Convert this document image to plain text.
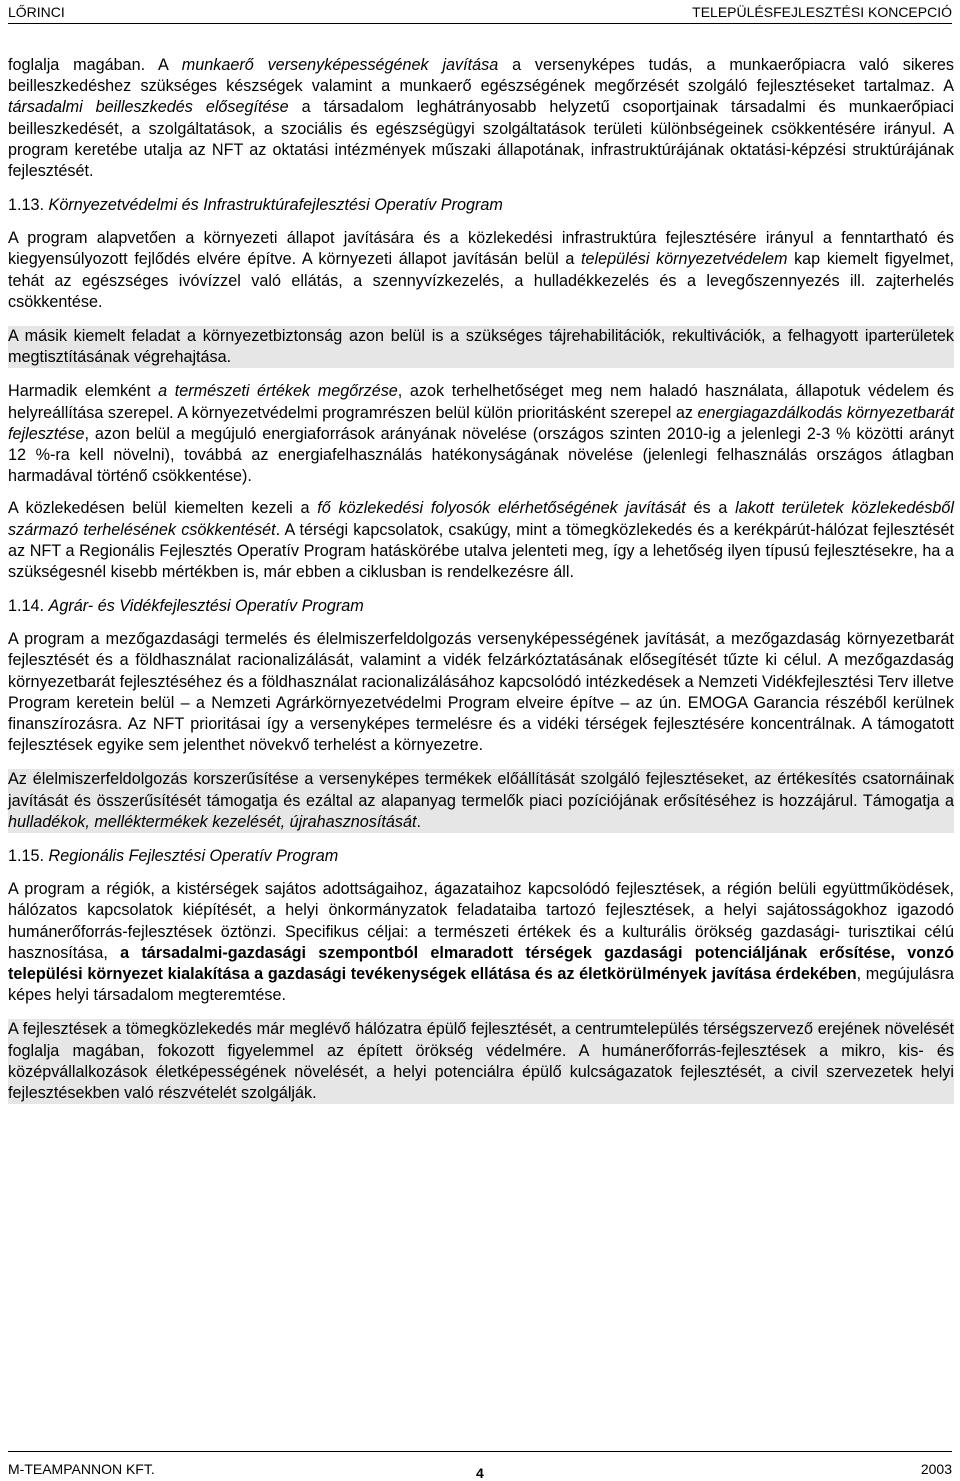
LŐRINCI	TELEPÜLÉSFEJLESZTÉSI KONCEPCIÓ

foglalja magában. A munkaerő versenyképességének javítása a versenyképes tudás, a munkaerőpiacra való sikeres beilleszkedéshez szükséges készségek valamint a munkaerő egészségének megőrzését szolgáló fejlesztéseket tartalmaz. A társadalmi beilleszkedés elősegítése a társadalom leghátrányosabb helyzetű csoportjainak társadalmi és munkaerőpiaci beilleszkedését, a szolgáltatások, a szociális és egészségügyi szolgáltatások területi különbségeinek csökkentésére irányul. A program keretébe utalja az NFT az oktatási intézmények műszaki állapotának, infrastruktúrájának oktatási-képzési struktúrájának fejlesztését.

1.13. Környezetvédelmi és Infrastruktúrafejlesztési Operatív Program

A program alapvetően a környezeti állapot javítására és a közlekedési infrastruktúra fejlesztésére irányul a fenntartható és kiegyensúlyozott fejlődés elvére építve. A környezeti állapot javításán belül a települési környezetvédelem kap kiemelt figyelmet, tehát az egészséges ivóvízzel való ellátás, a szennyvízkezelés, a hulladékkezelés és a levegőszennyezés ill. zajterhelés csökkentése.

A másik kiemelt feladat a környezetbiztonság azon belül is a szükséges tájrehabilitációk, rekultivációk, a felhagyott iparterületek megtisztításának végrehajtása.

Harmadik elemként a természeti értékek megőrzése, azok terhelhetőséget meg nem haladó használata, állapotuk védelem és helyreállítása szerepel. A környezetvédelmi programrészen belül külön prioritásként szerepel az energiagazdálkodás környezetbarát fejlesztése, azon belül a megújuló energiaforrások arányának növelése (országos szinten 2010-ig a jelenlegi 2-3 % közötti arányt 12 %-ra kell növelni), továbbá az energiafelhasználás hatékonyságának növelése (jelenlegi felhasználás országos átlagban harmadával történő csökkentése).

A közlekedésen belül kiemelten kezeli a fő közlekedési folyosók elérhetőségének javítását és a lakott területek közlekedésből származó terhelésének csökkentését. A térségi kapcsolatok, csakúgy, mint a tömegközlekedés és a kerékpárút-hálózat fejlesztését az NFT a Regionális Fejlesztés Operatív Program hatáskörébe utalva jelenteti meg, így a lehetőség ilyen típusú fejlesztésekre, ha a szükségesnél kisebb mértékben is, már ebben a ciklusban is rendelkezésre áll.

1.14. Agrár- és Vidékfejlesztési Operatív Program

A program a mezőgazdasági termelés és élelmiszerfeldolgozás versenyképességének javítását, a mezőgazdaság környezetbarát fejlesztését és a földhasználat racionalizálását, valamint a vidék felzárkóztatásának elősegítését tűzte ki célul. A mezőgazdaság környezetbarát fejlesztéséhez és a földhasználat racionalizálásához kapcsolódó intézkedések a Nemzeti Vidékfejlesztési Terv illetve Program keretein belül – a Nemzeti Agrárkörnyezetvédelmi Program elveire építve – az ún. EMOGA Garancia részéből kerülnek finanszírozásra. Az NFT prioritásai így a versenyképes termelésre és a vidéki térségek fejlesztésére koncentrálnak. A támogatott fejlesztések egyike sem jelenthet növekvő terhelést a környezetre.

Az élelmiszerfeldolgozás korszerűsítése a versenyképes termékek előállítását szolgáló fejlesztéseket, az értékesítés csatornáinak javítását és összerűsítését támogatja és ezáltal az alapanyag termelők piaci pozíciójának erősítéséhez is hozzájárul. Támogatja a hulladékok, melléktermékek kezelését, újrahasznosítását.

1.15. Regionális Fejlesztési Operatív Program

A program a régiók, a kistérségek sajátos adottságaihoz, ágazataihoz kapcsolódó fejlesztések, a régión belüli együttműködések, hálózatos kapcsolatok kiépítését, a helyi önkormányzatok feladataiba tartozó fejlesztések, a helyi sajátosságokhoz igazodó humánerőforrás-fejlesztések öztönzi. Specifikus céljai: a természeti értékek és a kulturális örökség gazdasági- turisztikai célú hasznosítása, a társadalmi-gazdasági szempontból elmaradott térségek gazdasági potenciáljának erősítése, vonzó települési környezet kialakítása a gazdasági tevékenységek ellátása és az életkörülmények javítása érdekében, megújulásra képes helyi társadalom megteremtése.

A fejlesztések a tömegközlekedés már meglévő hálózatra épülő fejlesztését, a centrumtelepülés térségszervező erejének növelését foglalja magában, fokozott figyelemmel az épített örökség védelmére. A humánerőforrás-fejlesztések a mikro, kis- és középvállalkozások életképességének növelését, a helyi potenciálra épülő kulcságazatok fejlesztését, a civil szervezetek helyi fejlesztésekben való részvételét szolgálják.

M-TEAMPANNON KFT.	4	2003
